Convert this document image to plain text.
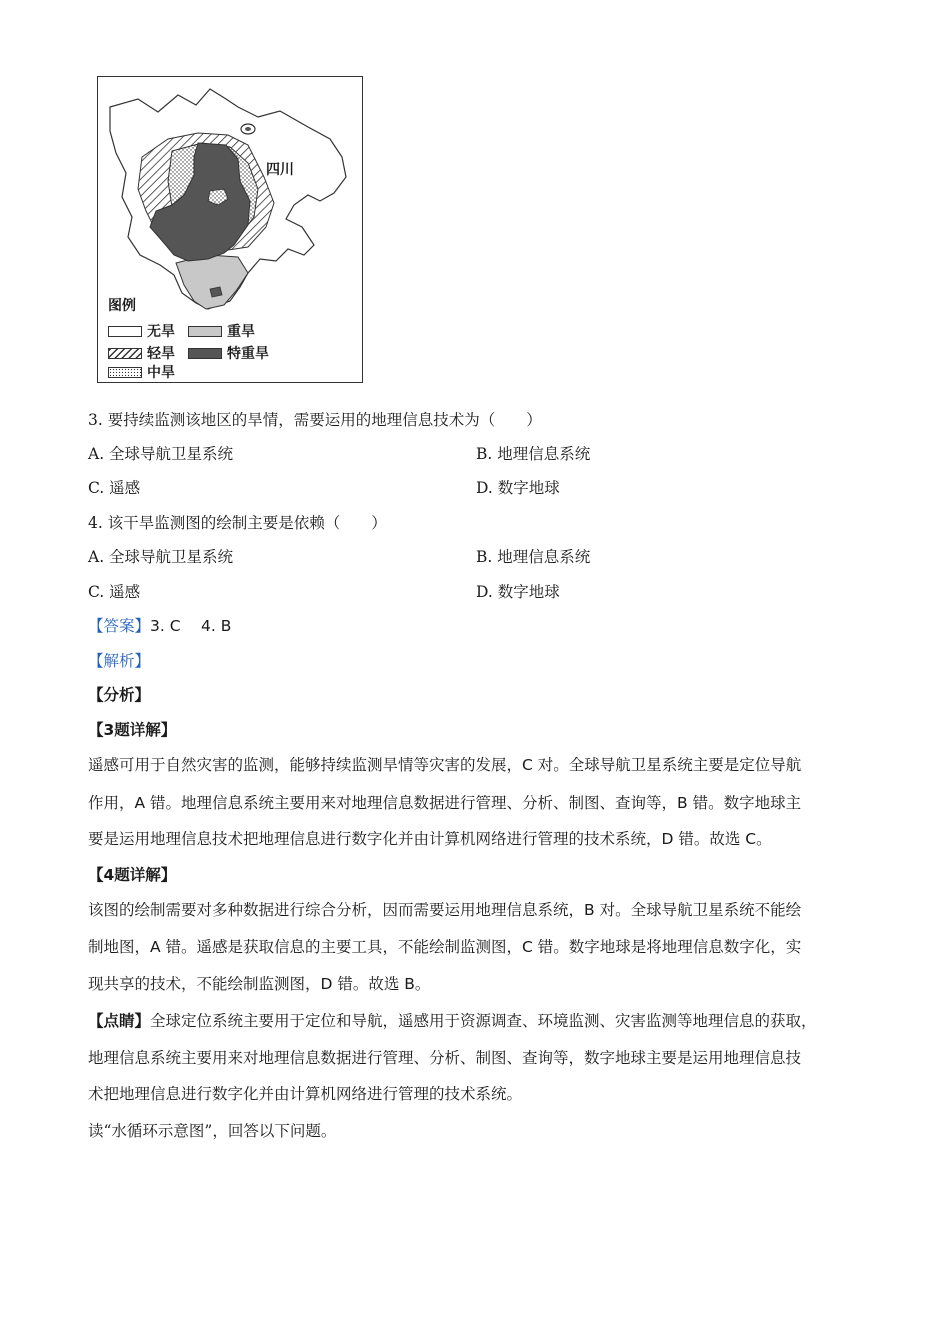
四川
图例
无旱	重旱
轻旱	特重旱
中旱
3. 要持续监测该地区的旱情，需要运用的地理信息技术为（　　）
A. 全球导航卫星系统	B. 地理信息系统
C. 遥感	D. 数字地球
4. 该干旱监测图的绘制主要是依赖（　　）
A. 全球导航卫星系统	B. 地理信息系统
C. 遥感	D. 数字地球
【答案】3. C　 4. B
【解析】
【分析】
【3题详解】
遥感可用于自然灾害的监测，能够持续监测旱情等灾害的发展，C 对。全球导航卫星系统主要是定位导航
作用，A 错。地理信息系统主要用来对地理信息数据进行管理、分析、制图、查询等，B 错。数字地球主
要是运用地理信息技术把地理信息进行数字化并由计算机网络进行管理的技术系统，D 错。故选 C。
【4题详解】
该图的绘制需要对多种数据进行综合分析，因而需要运用地理信息系统，B 对。全球导航卫星系统不能绘
制地图，A 错。遥感是获取信息的主要工具，不能绘制监测图，C 错。数字地球是将地理信息数字化，实
现共享的技术，不能绘制监测图，D 错。故选 B。
【点睛】全球定位系统主要用于定位和导航，遥感用于资源调查、环境监测、灾害监测等地理信息的获取，
地理信息系统主要用来对地理信息数据进行管理、分析、制图、查询等，数字地球主要是运用地理信息技
术把地理信息进行数字化并由计算机网络进行管理的技术系统。
读“水循环示意图”，回答以下问题。
